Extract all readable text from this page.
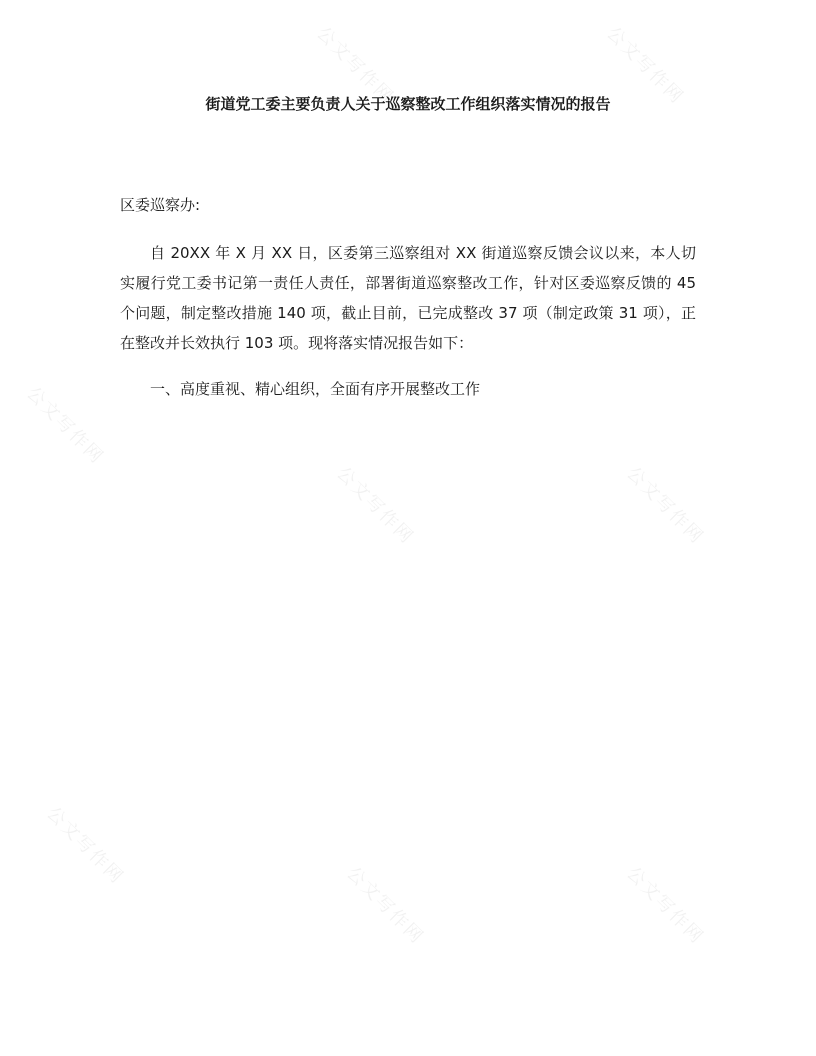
公文写作网	公文写作网
公文写作网
公文写作网	公文写作网
公文写作网
公文写作网	公文写作网
街道党工委主要负责人关于巡察整改工作组织落实情况的报告
区委巡察办:

自 20XX 年 X 月 XX 日，区委第三巡察组对 XX 街道巡察反馈会议以来，本人切实履行党工委书记第一责任人责任，部署街道巡察整改工作，针对区委巡察反馈的 45 个问题，制定整改措施 140 项，截止目前，已完成整改 37 项（制定政策 31 项），正在整改并长效执行 103 项。现将落实情况报告如下：

一、高度重视、精心组织，全面有序开展整改工作
